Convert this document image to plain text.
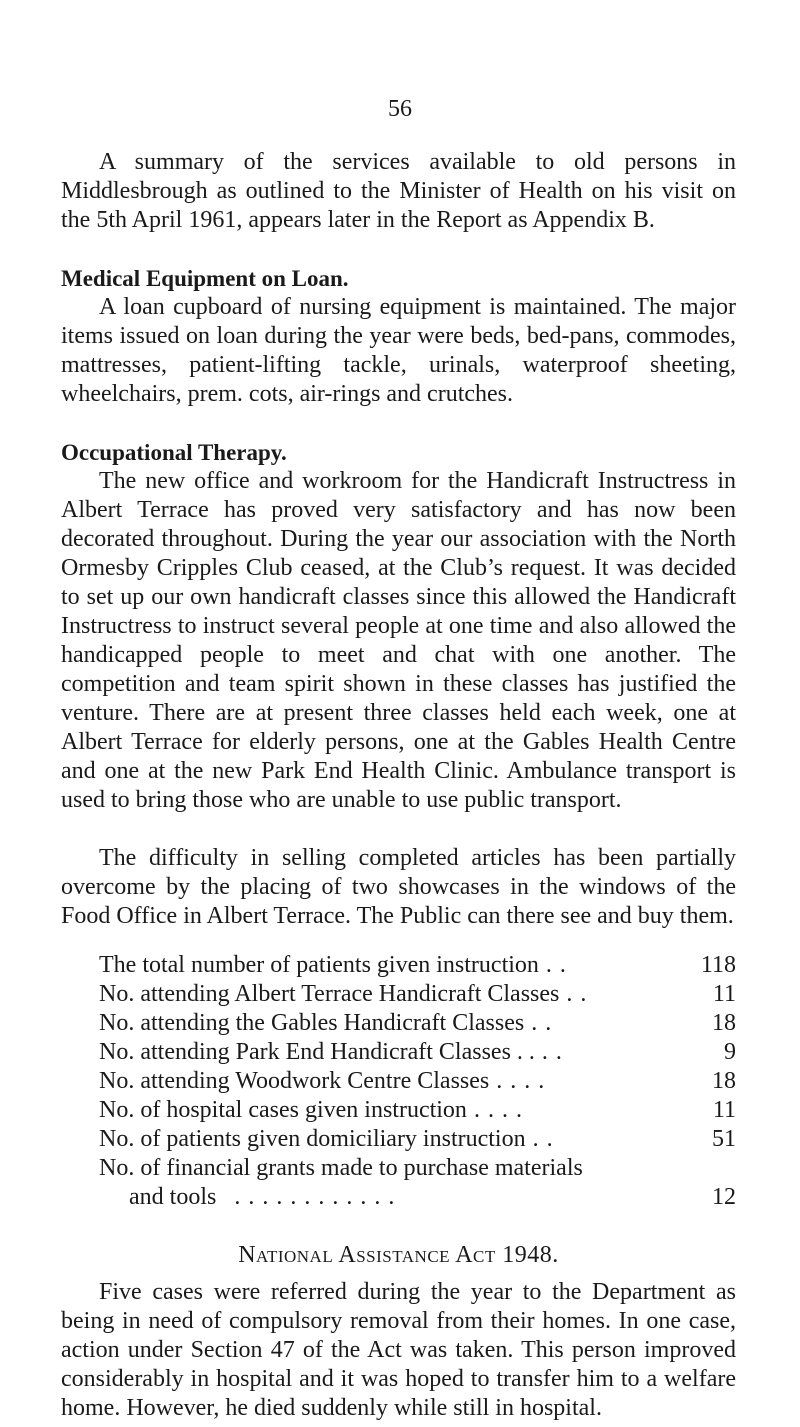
56

A summary of the services available to old persons in Middlesbrough as outlined to the Minister of Health on his visit on the 5th April 1961, appears later in the Report as Appendix B.

Medical Equipment on Loan.

A loan cupboard of nursing equipment is maintained. The major items issued on loan during the year were beds, bed-pans, commodes, mattresses, patient-lifting tackle, urinals, waterproof sheeting, wheelchairs, prem. cots, air-rings and crutches.

Occupational Therapy.

The new office and workroom for the Handicraft Instructress in Albert Terrace has proved very satisfactory and has now been decorated throughout. During the year our association with the North Ormesby Cripples Club ceased, at the Club’s request. It was decided to set up our own handicraft classes since this allowed the Handicraft Instructress to instruct several people at one time and also allowed the handicapped people to meet and chat with one another. The competition and team spirit shown in these classes has justified the venture. There are at present three classes held each week, one at Albert Terrace for elderly persons, one at the Gables Health Centre and one at the new Park End Health Clinic. Ambulance transport is used to bring those who are unable to use public transport.

The difficulty in selling completed articles has been partially overcome by the placing of two showcases in the windows of the Food Office in Albert Terrace. The Public can there see and buy them.

The total number of patients given instruction . .	118
No. attending Albert Terrace Handicraft Classes . .	11
No. attending the Gables Handicraft Classes . .	18
No. attending Park End Handicraft Classes . . . .	9
No. attending Woodwork Centre Classes . . . .	18
No. of hospital cases given instruction . . . .	11
No. of patients given domiciliary instruction . .	51
No. of financial grants made to purchase materials
and tools . . . . . . . . . . . .	12
National Assistance Act 1948.

Five cases were referred during the year to the Department as being in need of compulsory removal from their homes. In one case, action under Section 47 of the Act was taken. This person improved considerably in hospital and it was hoped to transfer him to a welfare home. However, he died suddenly while still in hospital.
